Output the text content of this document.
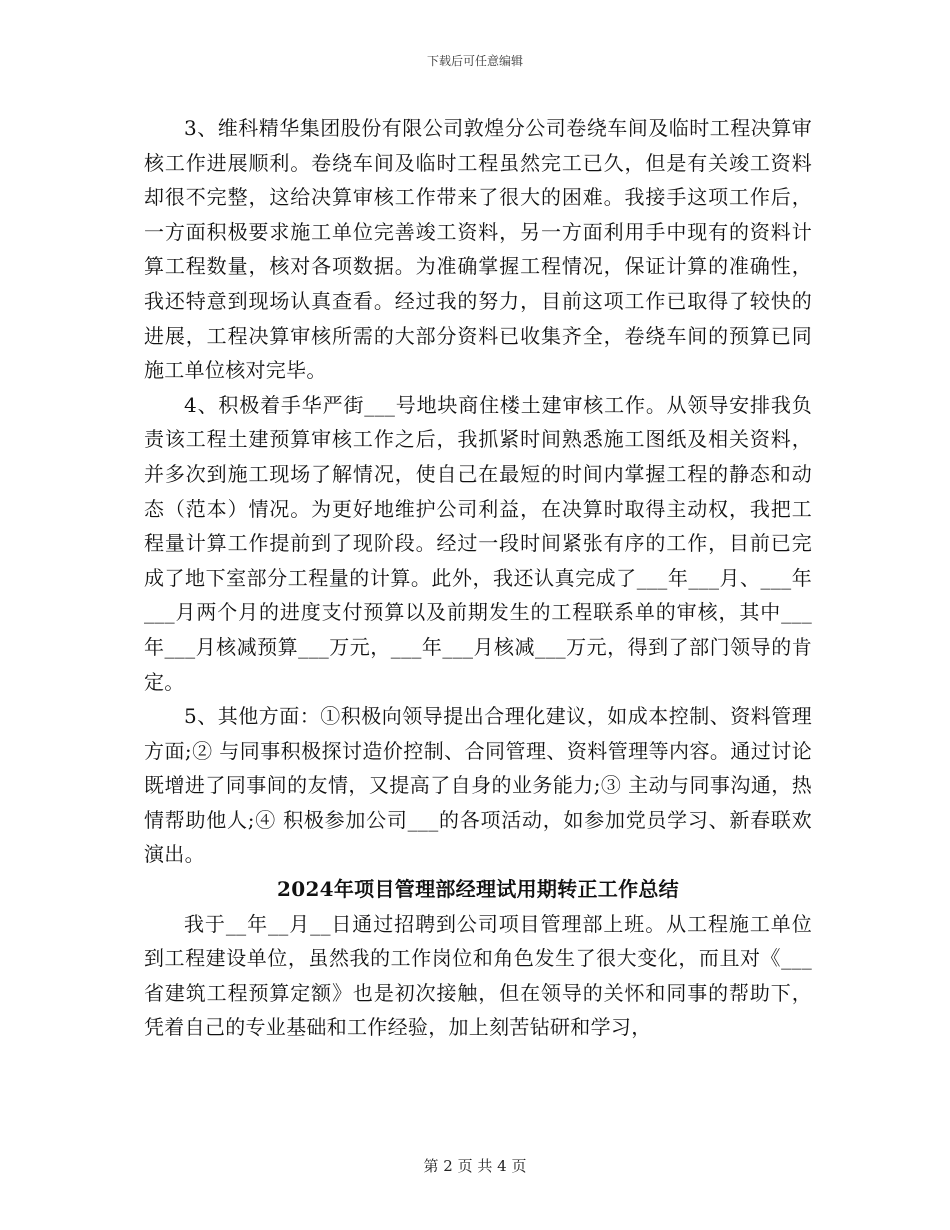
下载后可任意编辑

3、维科精华集团股份有限公司敦煌分公司卷绕车间及临时工程决算审核工作进展顺利。卷绕车间及临时工程虽然完工已久，但是有关竣工资料却很不完整，这给决算审核工作带来了很大的困难。我接手这项工作后，一方面积极要求施工单位完善竣工资料，另一方面利用手中现有的资料计算工程数量，核对各项数据。为准确掌握工程情况，保证计算的准确性，我还特意到现场认真查看。经过我的努力，目前这项工作已取得了较快的进展，工程决算审核所需的大部分资料已收集齐全，卷绕车间的预算已同施工单位核对完毕。

4、积极着手华严街___号地块商住楼土建审核工作。从领导安排我负责该工程土建预算审核工作之后，我抓紧时间熟悉施工图纸及相关资料，并多次到施工现场了解情况，使自己在最短的时间内掌握工程的静态和动态（范本）情况。为更好地维护公司利益，在决算时取得主动权，我把工程量计算工作提前到了现阶段。经过一段时间紧张有序的工作，目前已完成了地下室部分工程量的计算。此外，我还认真完成了___年___月、___年___月两个月的进度支付预算以及前期发生的工程联系单的审核，其中___年___月核减预算___万元，___年___月核减___万元，得到了部门领导的肯定。

5、其他方面：①积极向领导提出合理化建议，如成本控制、资料管理方面;② 与同事积极探讨造价控制、合同管理、资料管理等内容。通过讨论既增进了同事间的友情，又提高了自身的业务能力;③ 主动与同事沟通，热情帮助他人;④ 积极参加公司___的各项活动，如参加党员学习、新春联欢演出。

2024年项目管理部经理试用期转正工作总结

我于__年__月__日通过招聘到公司项目管理部上班。从工程施工单位到工程建设单位，虽然我的工作岗位和角色发生了很大变化，而且对《___省建筑工程预算定额》也是初次接触，但在领导的关怀和同事的帮助下，凭着自己的专业基础和工作经验，加上刻苦钻研和学习，

第 2 页 共 4 页
